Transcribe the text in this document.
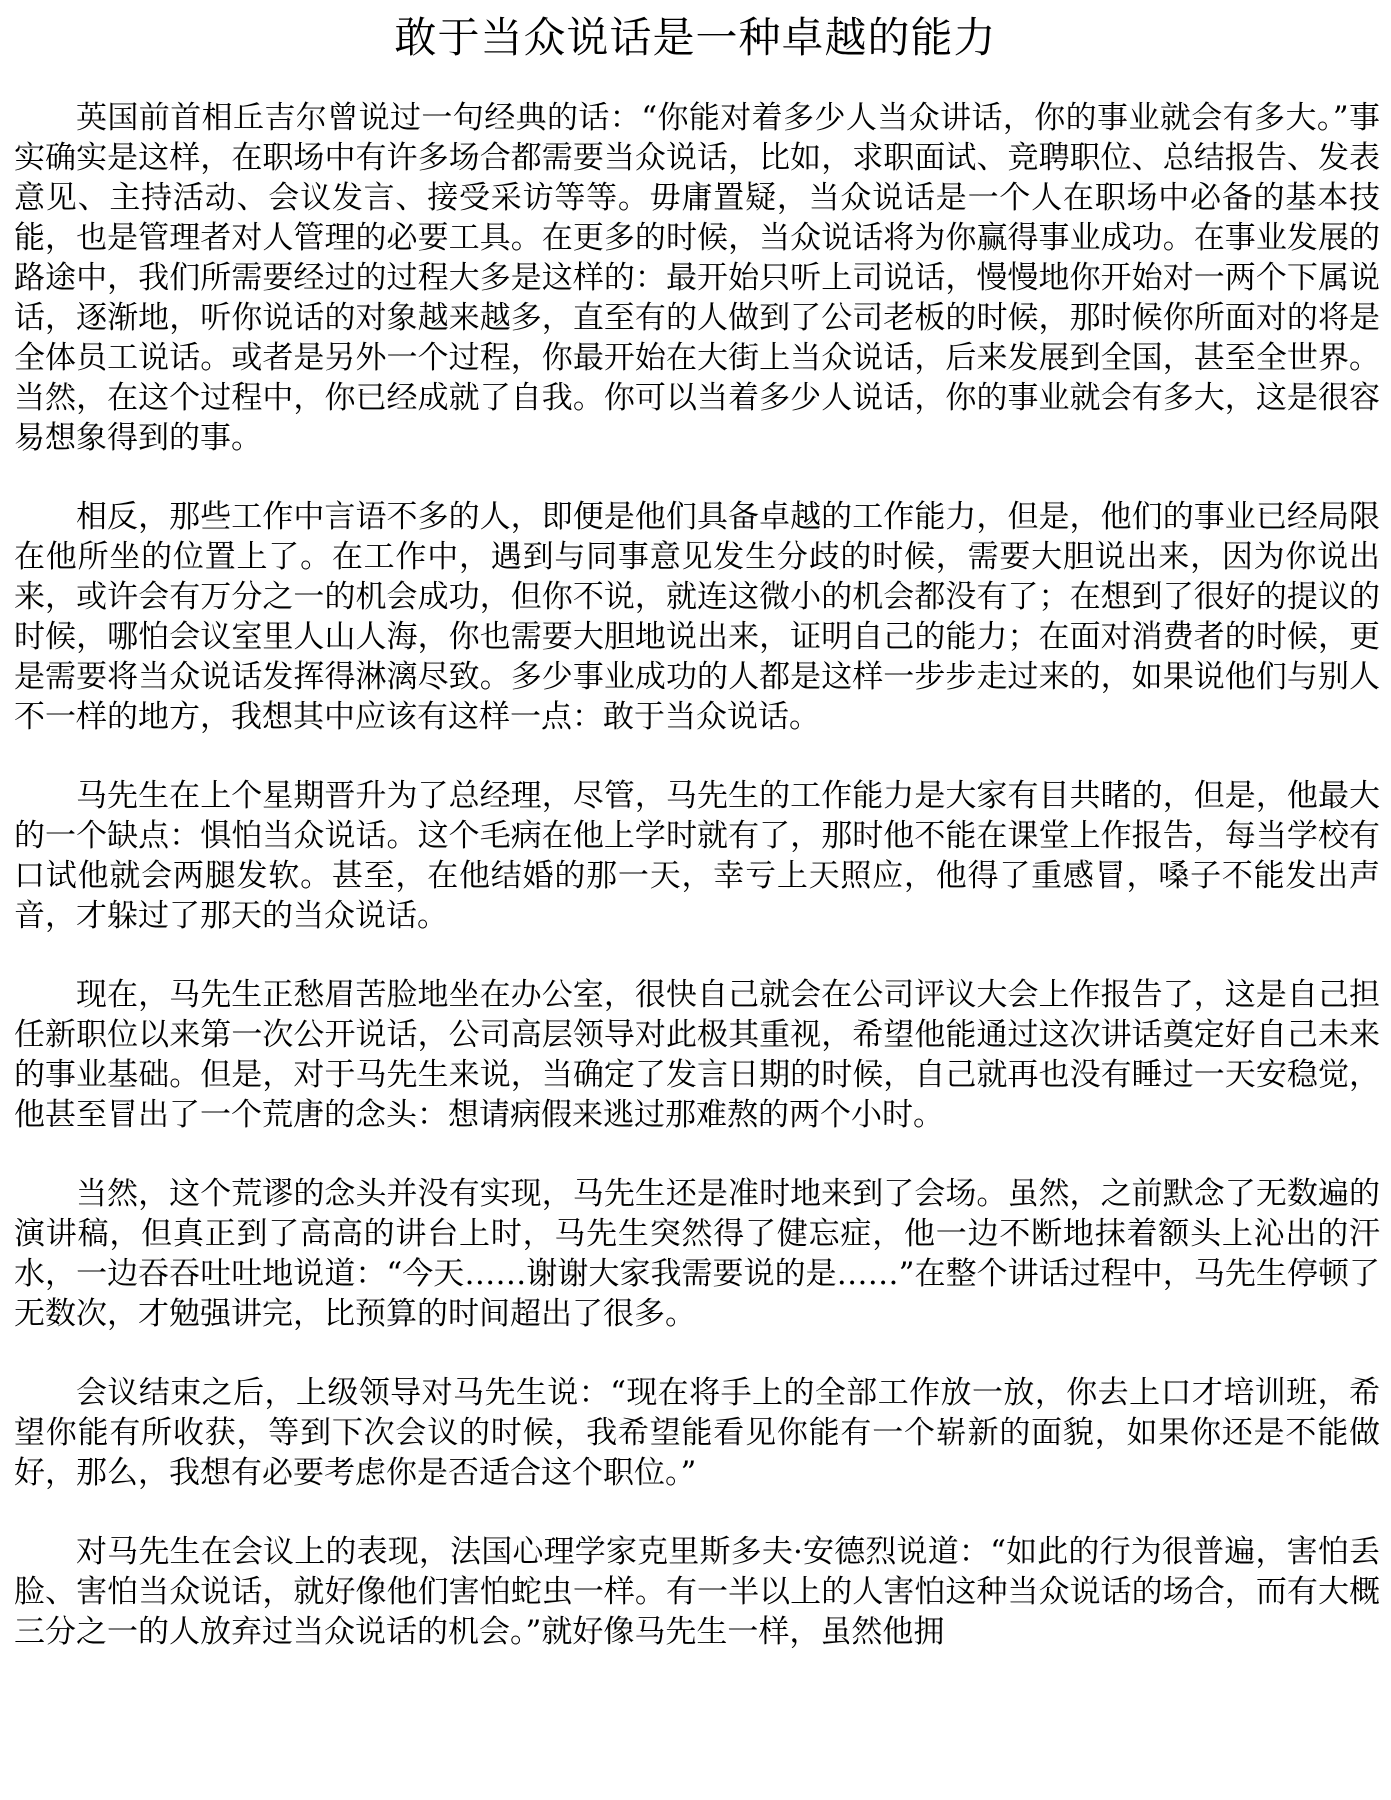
敢于当众说话是一种卓越的能力

英国前首相丘吉尔曾说过一句经典的话：“你能对着多少人当众讲话，你的事业就会有多大。”事实确实是这样，在职场中有许多场合都需要当众说话，比如，求职面试、竞聘职位、总结报告、发表意见、主持活动、会议发言、接受采访等等。毋庸置疑，当众说话是一个人在职场中必备的基本技能，也是管理者对人管理的必要工具。在更多的时候，当众说话将为你赢得事业成功。在事业发展的路途中，我们所需要经过的过程大多是这样的：最开始只听上司说话，慢慢地你开始对一两个下属说话，逐渐地，听你说话的对象越来越多，直至有的人做到了公司老板的时候，那时候你所面对的将是全体员工说话。或者是另外一个过程，你最开始在大街上当众说话，后来发展到全国，甚至全世界。当然，在这个过程中，你已经成就了自我。你可以当着多少人说话，你的事业就会有多大，这是很容易想象得到的事。

相反，那些工作中言语不多的人，即便是他们具备卓越的工作能力，但是，他们的事业已经局限在他所坐的位置上了。在工作中，遇到与同事意见发生分歧的时候，需要大胆说出来，因为你说出来，或许会有万分之一的机会成功，但你不说，就连这微小的机会都没有了；在想到了很好的提议的时候，哪怕会议室里人山人海，你也需要大胆地说出来，证明自己的能力；在面对消费者的时候，更是需要将当众说话发挥得淋漓尽致。多少事业成功的人都是这样一步步走过来的，如果说他们与别人不一样的地方，我想其中应该有这样一点：敢于当众说话。

马先生在上个星期晋升为了总经理，尽管，马先生的工作能力是大家有目共睹的，但是，他最大的一个缺点：惧怕当众说话。这个毛病在他上学时就有了，那时他不能在课堂上作报告，每当学校有口试他就会两腿发软。甚至，在他结婚的那一天，幸亏上天照应，他得了重感冒，嗓子不能发出声音，才躲过了那天的当众说话。

现在，马先生正愁眉苦脸地坐在办公室，很快自己就会在公司评议大会上作报告了，这是自己担任新职位以来第一次公开说话，公司高层领导对此极其重视，希望他能通过这次讲话奠定好自己未来的事业基础。但是，对于马先生来说，当确定了发言日期的时候，自己就再也没有睡过一天安稳觉，他甚至冒出了一个荒唐的念头：想请病假来逃过那难熬的两个小时。

当然，这个荒谬的念头并没有实现，马先生还是准时地来到了会场。虽然，之前默念了无数遍的演讲稿，但真正到了高高的讲台上时，马先生突然得了健忘症，他一边不断地抹着额头上沁出的汗水，一边吞吞吐吐地说道：“今天……谢谢大家我需要说的是……”在整个讲话过程中，马先生停顿了无数次，才勉强讲完，比预算的时间超出了很多。

会议结束之后，上级领导对马先生说：“现在将手上的全部工作放一放，你去上口才培训班，希望你能有所收获，等到下次会议的时候，我希望能看见你能有一个崭新的面貌，如果你还是不能做好，那么，我想有必要考虑你是否适合这个职位。”

对马先生在会议上的表现，法国心理学家克里斯多夫·安德烈说道：“如此的行为很普遍，害怕丢脸、害怕当众说话，就好像他们害怕蛇虫一样。有一半以上的人害怕这种当众说话的场合，而有大概三分之一的人放弃过当众说话的机会。”就好像马先生一样，虽然他拥
